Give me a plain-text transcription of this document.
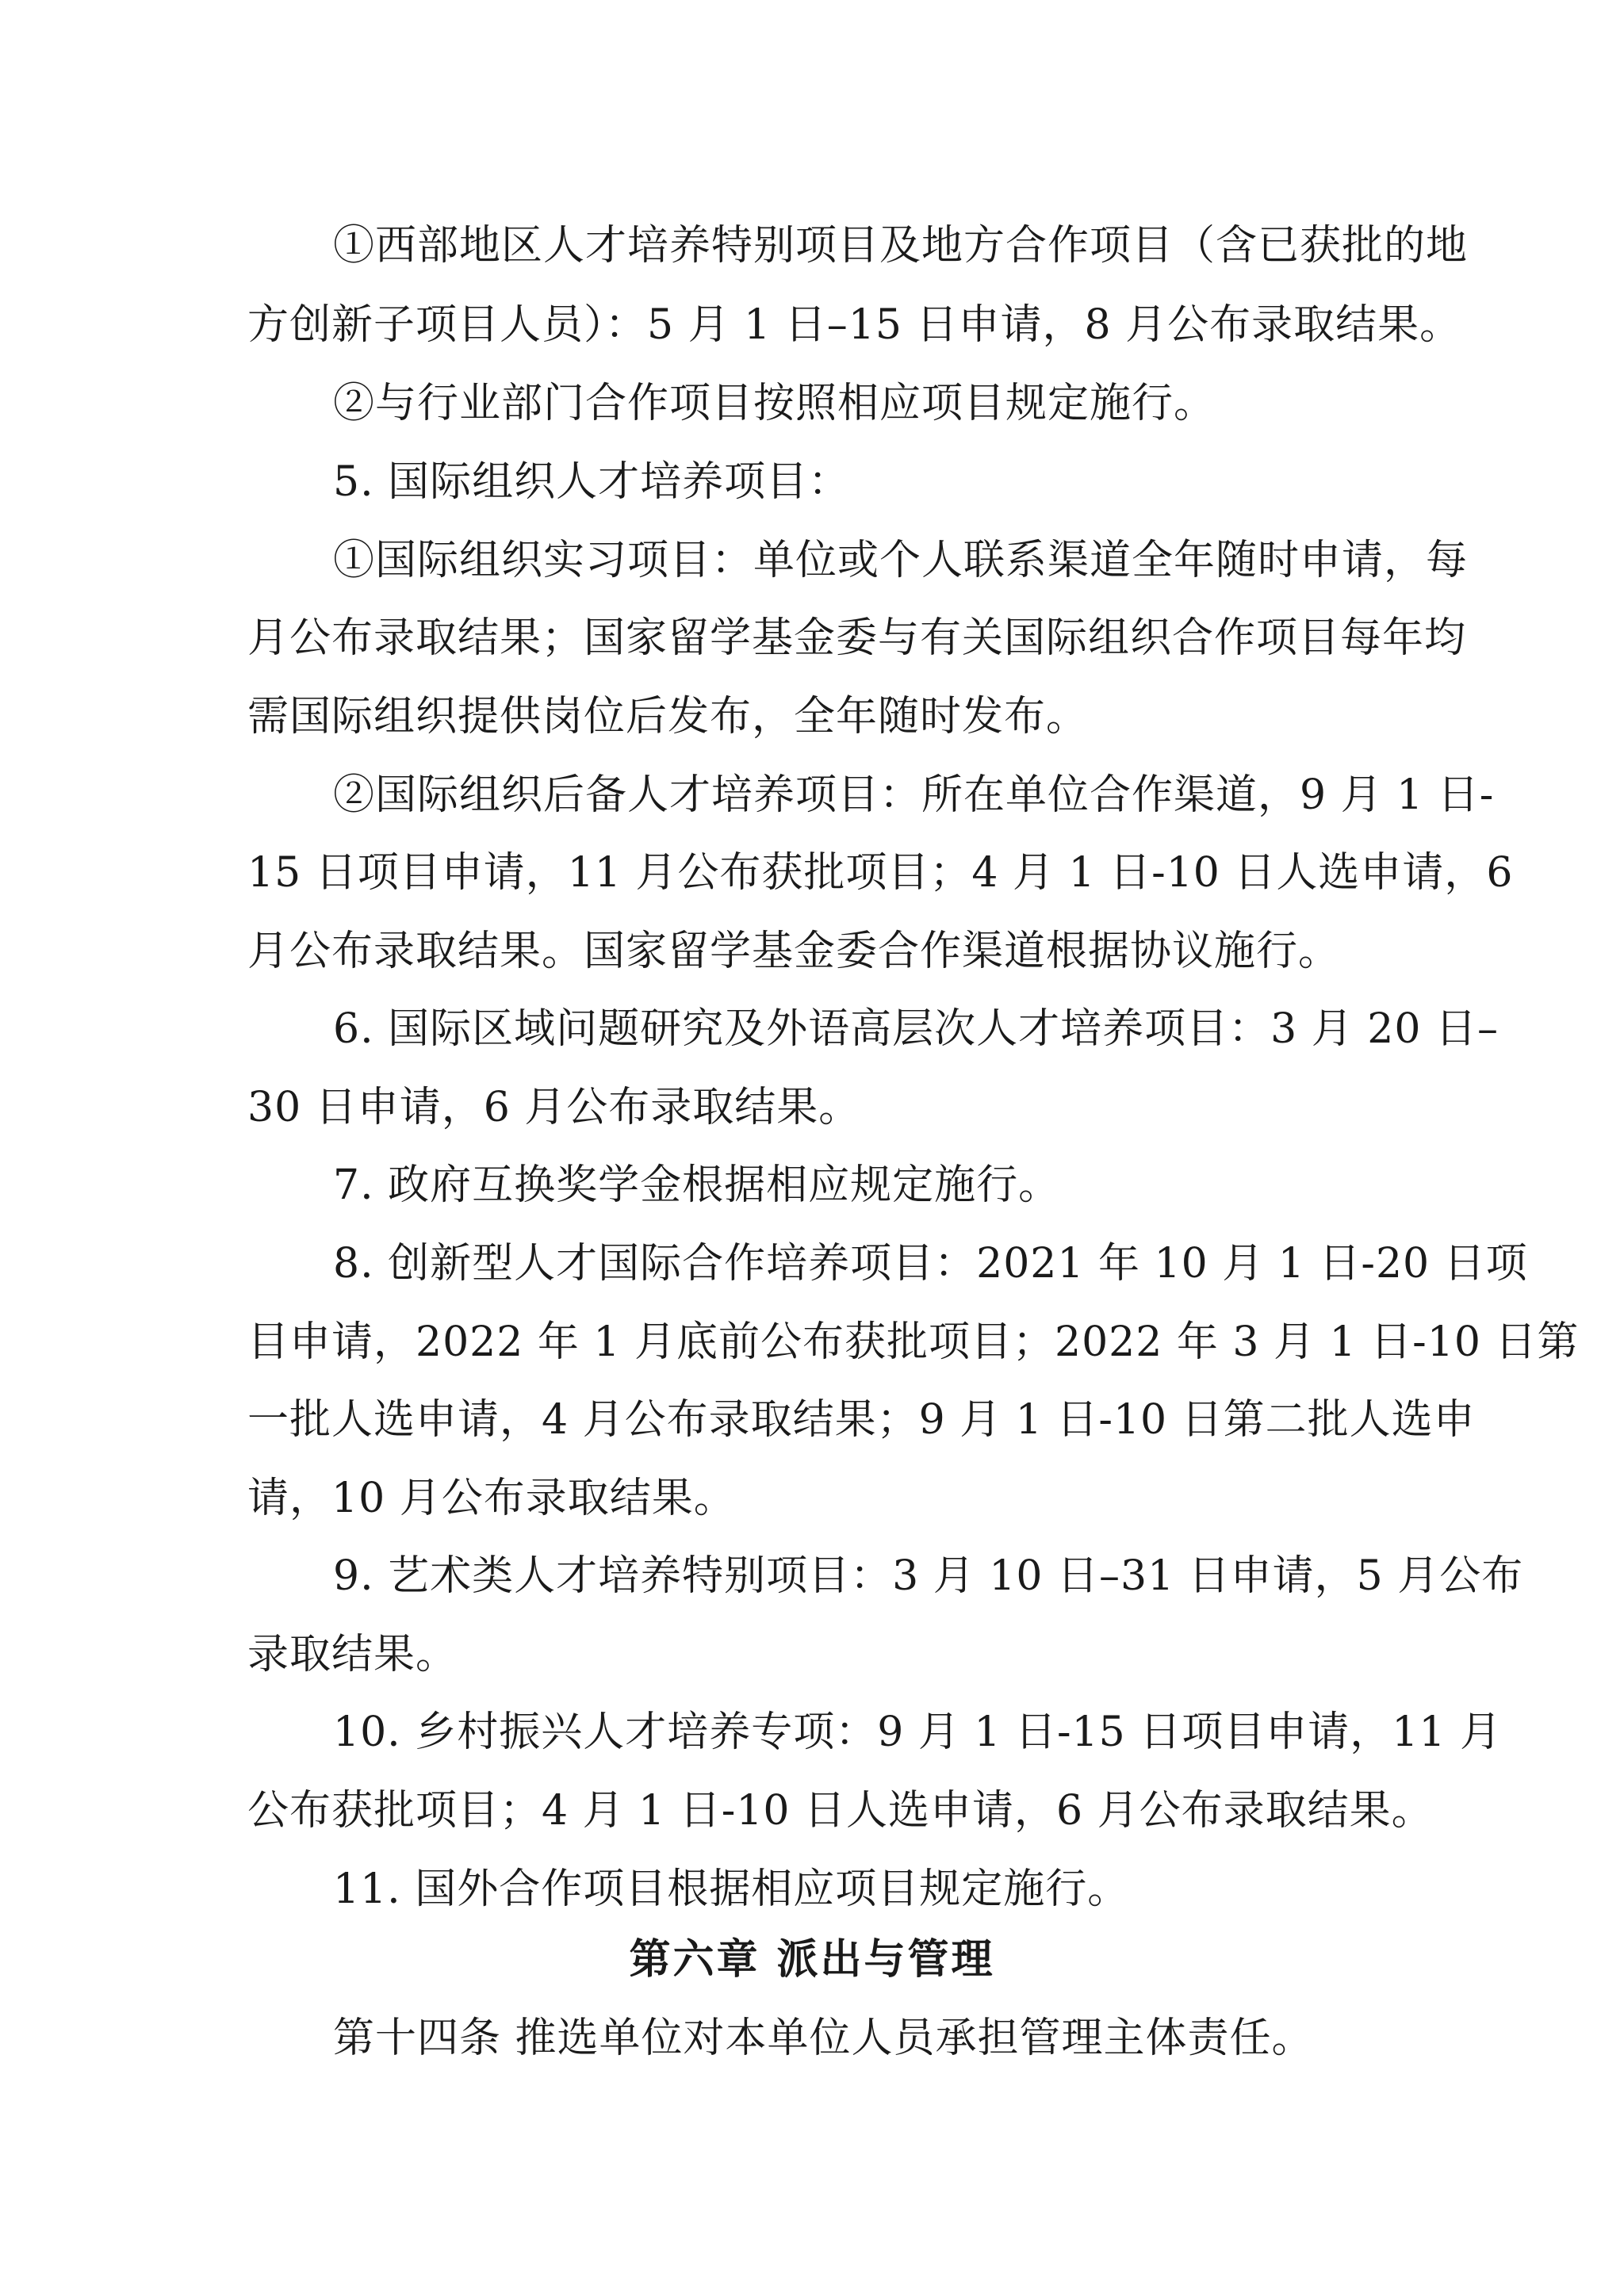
①西部地区人才培养特别项目及地方合作项目（含已获批的地
方创新子项目人员）：5 月 1 日–15 日申请，8 月公布录取结果。
②与行业部门合作项目按照相应项目规定施行。
5. 国际组织人才培养项目：
①国际组织实习项目：单位或个人联系渠道全年随时申请，每
月公布录取结果；国家留学基金委与有关国际组织合作项目每年均
需国际组织提供岗位后发布，全年随时发布。
②国际组织后备人才培养项目：所在单位合作渠道，9 月 1 日-
15 日项目申请，11 月公布获批项目；4 月 1 日-10 日人选申请，6
月公布录取结果。国家留学基金委合作渠道根据协议施行。
6. 国际区域问题研究及外语高层次人才培养项目：3 月 20 日–
30 日申请，6 月公布录取结果。
7. 政府互换奖学金根据相应规定施行。
8. 创新型人才国际合作培养项目：2021 年 10 月 1 日-20 日项
目申请，2022 年 1 月底前公布获批项目；2022 年 3 月 1 日-10 日第
一批人选申请，4 月公布录取结果；9 月 1 日-10 日第二批人选申
请，10 月公布录取结果。
9. 艺术类人才培养特别项目：3 月 10 日–31 日申请，5 月公布
录取结果。
10. 乡村振兴人才培养专项：9 月 1 日-15 日项目申请，11 月
公布获批项目；4 月 1 日-10 日人选申请，6 月公布录取结果。
11. 国外合作项目根据相应项目规定施行。
第六章 派出与管理
第十四条 推选单位对本单位人员承担管理主体责任。
